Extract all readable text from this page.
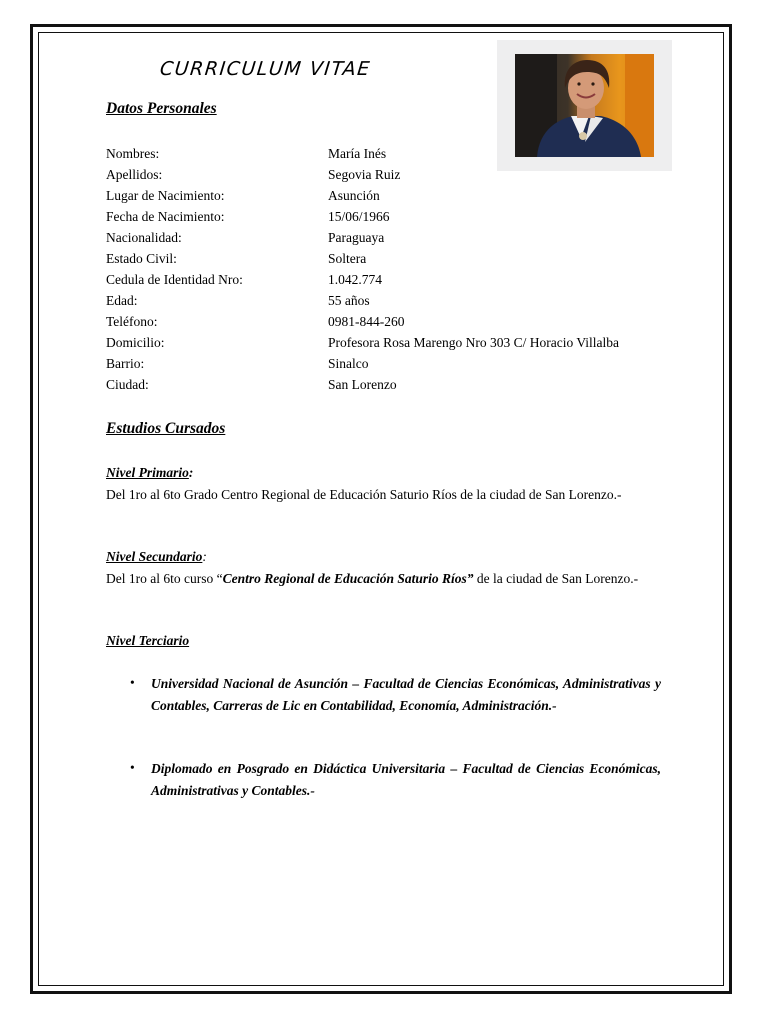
CURRICULUM VITAE
Datos Personales
Nombres:	María Inés
Apellidos:	Segovia Ruiz
Lugar de Nacimiento:	Asunción
Fecha de Nacimiento:	15/06/1966
Nacionalidad:	Paraguaya
Estado Civil:	Soltera
Cedula de Identidad Nro:	1.042.774
Edad:	55 años
Teléfono:	0981-844-260
Domicilio:	Profesora Rosa Marengo Nro 303 C/ Horacio Villalba
Barrio:	Sinalco
Ciudad:	San Lorenzo
Estudios Cursados
Nivel Primario:
Del 1ro al 6to Grado Centro Regional de Educación Saturio Ríos de la ciudad de San Lorenzo.-
Nivel Secundario:
Del 1ro al 6to curso “Centro Regional de Educación Saturio Ríos” de la ciudad de San Lorenzo.-
Nivel Terciario
• Universidad Nacional de Asunción – Facultad de Ciencias Económicas, Administrativas y Contables, Carreras de Lic en Contabilidad, Economía, Administración.-
• Diplomado en Posgrado en Didáctica Universitaria – Facultad de Ciencias Económicas, Administrativas y Contables.-
